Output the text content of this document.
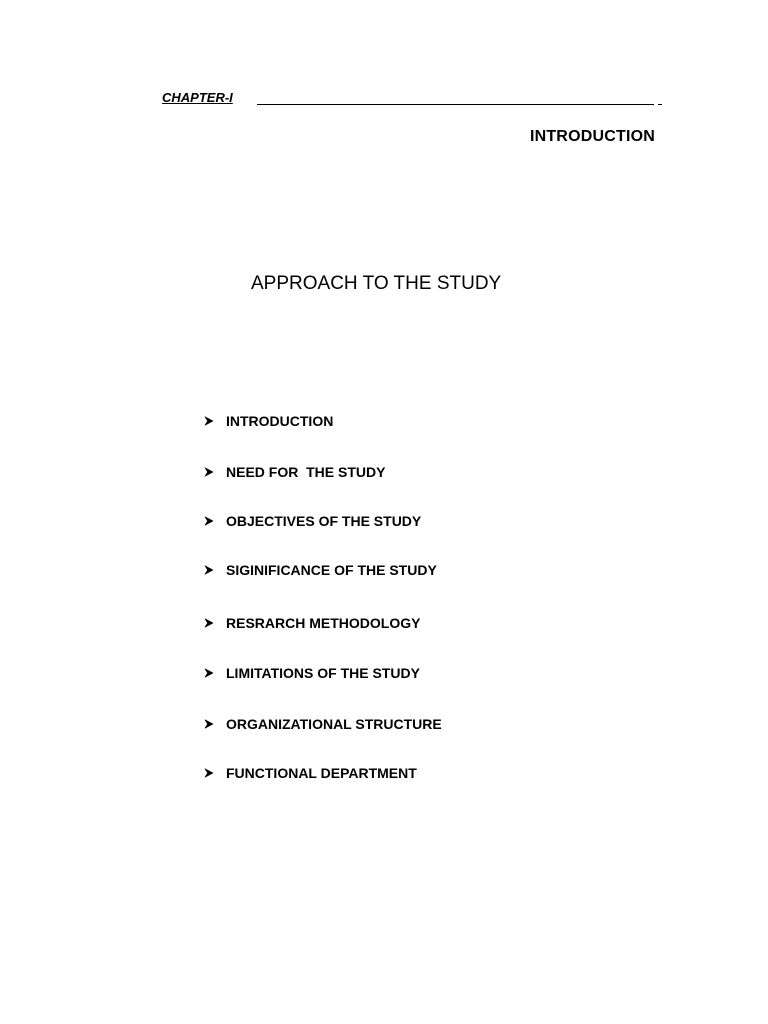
CHAPTER-I
INTRODUCTION
APPROACH TO THE STUDY
INTRODUCTION
NEED FOR  THE STUDY
OBJECTIVES OF THE STUDY
SIGINIFICANCE OF THE STUDY
RESRARCH METHODOLOGY
LIMITATIONS OF THE STUDY
ORGANIZATIONAL STRUCTURE
FUNCTIONAL DEPARTMENT
